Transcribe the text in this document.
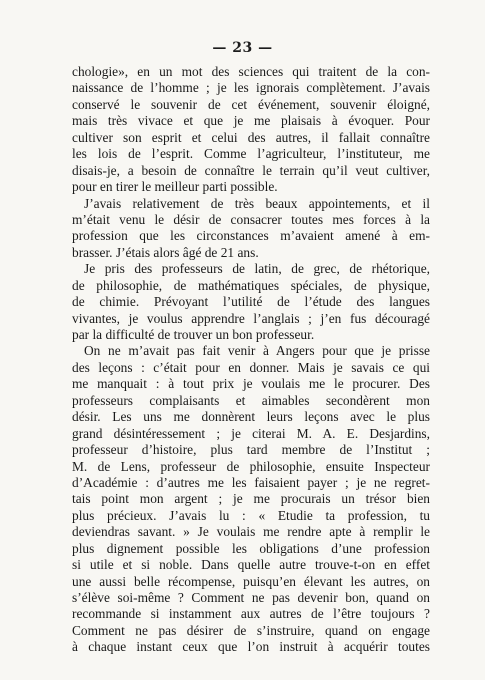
— 23 —
chologie», en un mot des sciences qui traitent de la con-
naissance de l’homme ; je les ignorais complètement. J’avais
conservé le souvenir de cet événement, souvenir éloigné,
mais très vivace et que je me plaisais à évoquer. Pour
cultiver son esprit et celui des autres, il fallait connaître
les lois de l’esprit. Comme l’agriculteur, l’instituteur, me
disais-je, a besoin de connaître le terrain qu’il veut cultiver,
pour en tirer le meilleur parti possible.
J’avais relativement de très beaux appointements, et il
m’était venu le désir de consacrer toutes mes forces à la
profession que les circonstances m’avaient amené à em-
brasser. J’étais alors âgé de 21 ans.
Je pris des professeurs de latin, de grec, de rhétorique,
de philosophie, de mathématiques spéciales, de physique,
de chimie. Prévoyant l’utilité de l’étude des langues
vivantes, je voulus apprendre l’anglais ; j’en fus découragé
par la difficulté de trouver un bon professeur.
On ne m’avait pas fait venir à Angers pour que je prisse
des leçons : c’était pour en donner. Mais je savais ce qui
me manquait : à tout prix je voulais me le procurer. Des
professeurs complaisants et aimables secondèrent mon
désir. Les uns me donnèrent leurs leçons avec le plus
grand désintéressement ; je citerai M. A. E. Desjardins,
professeur d’histoire, plus tard membre de l’Institut ;
M. de Lens, professeur de philosophie, ensuite Inspecteur
d’Académie : d’autres me les faisaient payer ; je ne regret-
tais point mon argent ; je me procurais un trésor bien
plus précieux. J’avais lu : « Etudie ta profession, tu
deviendras savant. » Je voulais me rendre apte à remplir le
plus dignement possible les obligations d’une profession
si utile et si noble. Dans quelle autre trouve-t-on en effet
une aussi belle récompense, puisqu’en élevant les autres, on
s’élève soi-même ? Comment ne pas devenir bon, quand on
recommande si instamment aux autres de l’être toujours ?
Comment ne pas désirer de s’instruire, quand on engage
à chaque instant ceux que l’on instruit à acquérir toutes
